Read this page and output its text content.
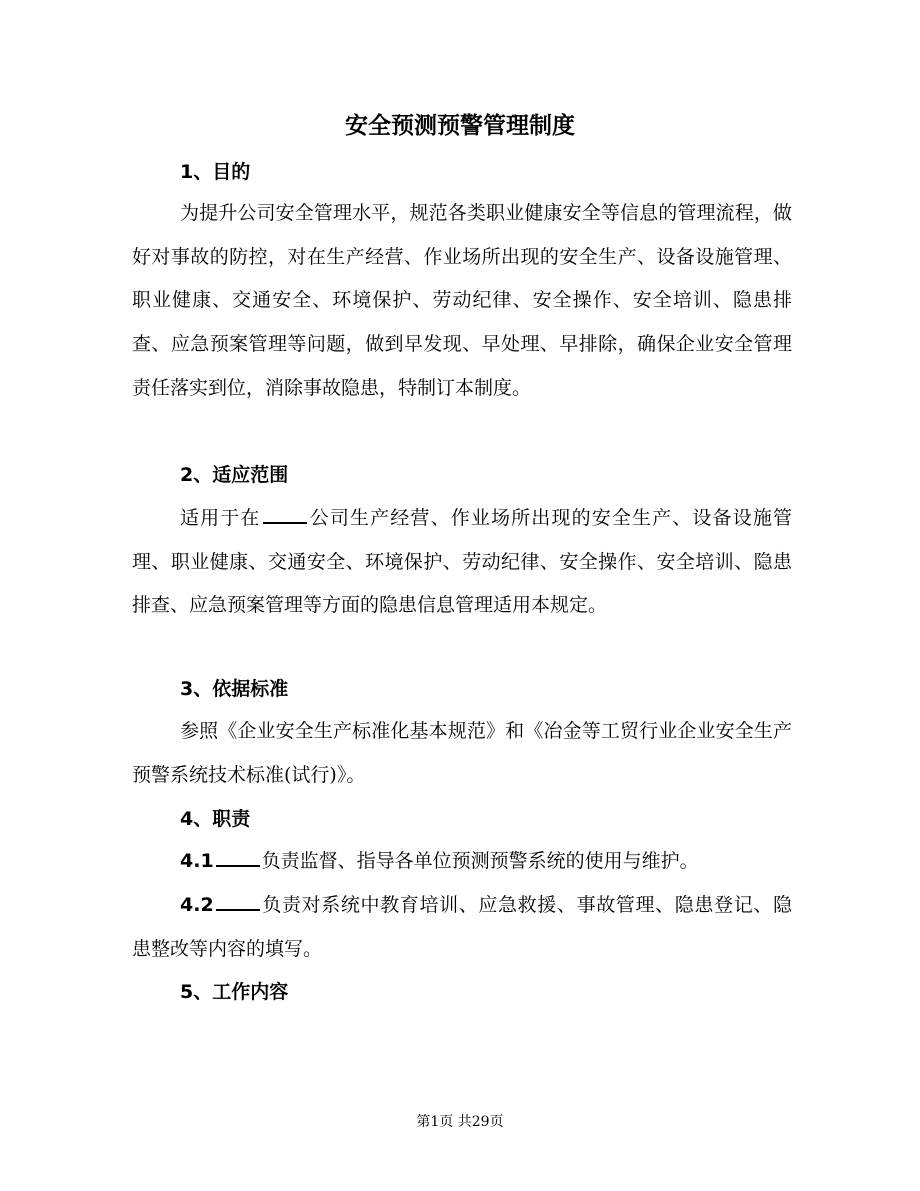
安全预测预警管理制度
1、目的

为提升公司安全管理水平，规范各类职业健康安全等信息的管理流程，做好对事故的防控，对在生产经营、作业场所出现的安全生产、设备设施管理、职业健康、交通安全、环境保护、劳动纪律、安全操作、安全培训、隐患排查、应急预案管理等问题，做到早发现、早处理、早排除，确保企业安全管理责任落实到位，消除事故隐患，特制订本制度。

2、适应范围

适用于在	公司生产经营、作业场所出现的安全生产、设备设施管理、职业健康、交通安全、环境保护、劳动纪律、安全操作、安全培训、隐患排查、应急预案管理等方面的隐患信息管理适用本规定。

3、依据标准

参照《企业安全生产标准化基本规范》和《冶金等工贸行业企业安全生产预警系统技术标准(试行)》。

4、职责

4.1	负责监督、指导各单位预测预警系统的使用与维护。

4.2	负责对系统中教育培训、应急救援、事故管理、隐患登记、隐患整改等内容的填写。

5、工作内容
第1页 共29页
